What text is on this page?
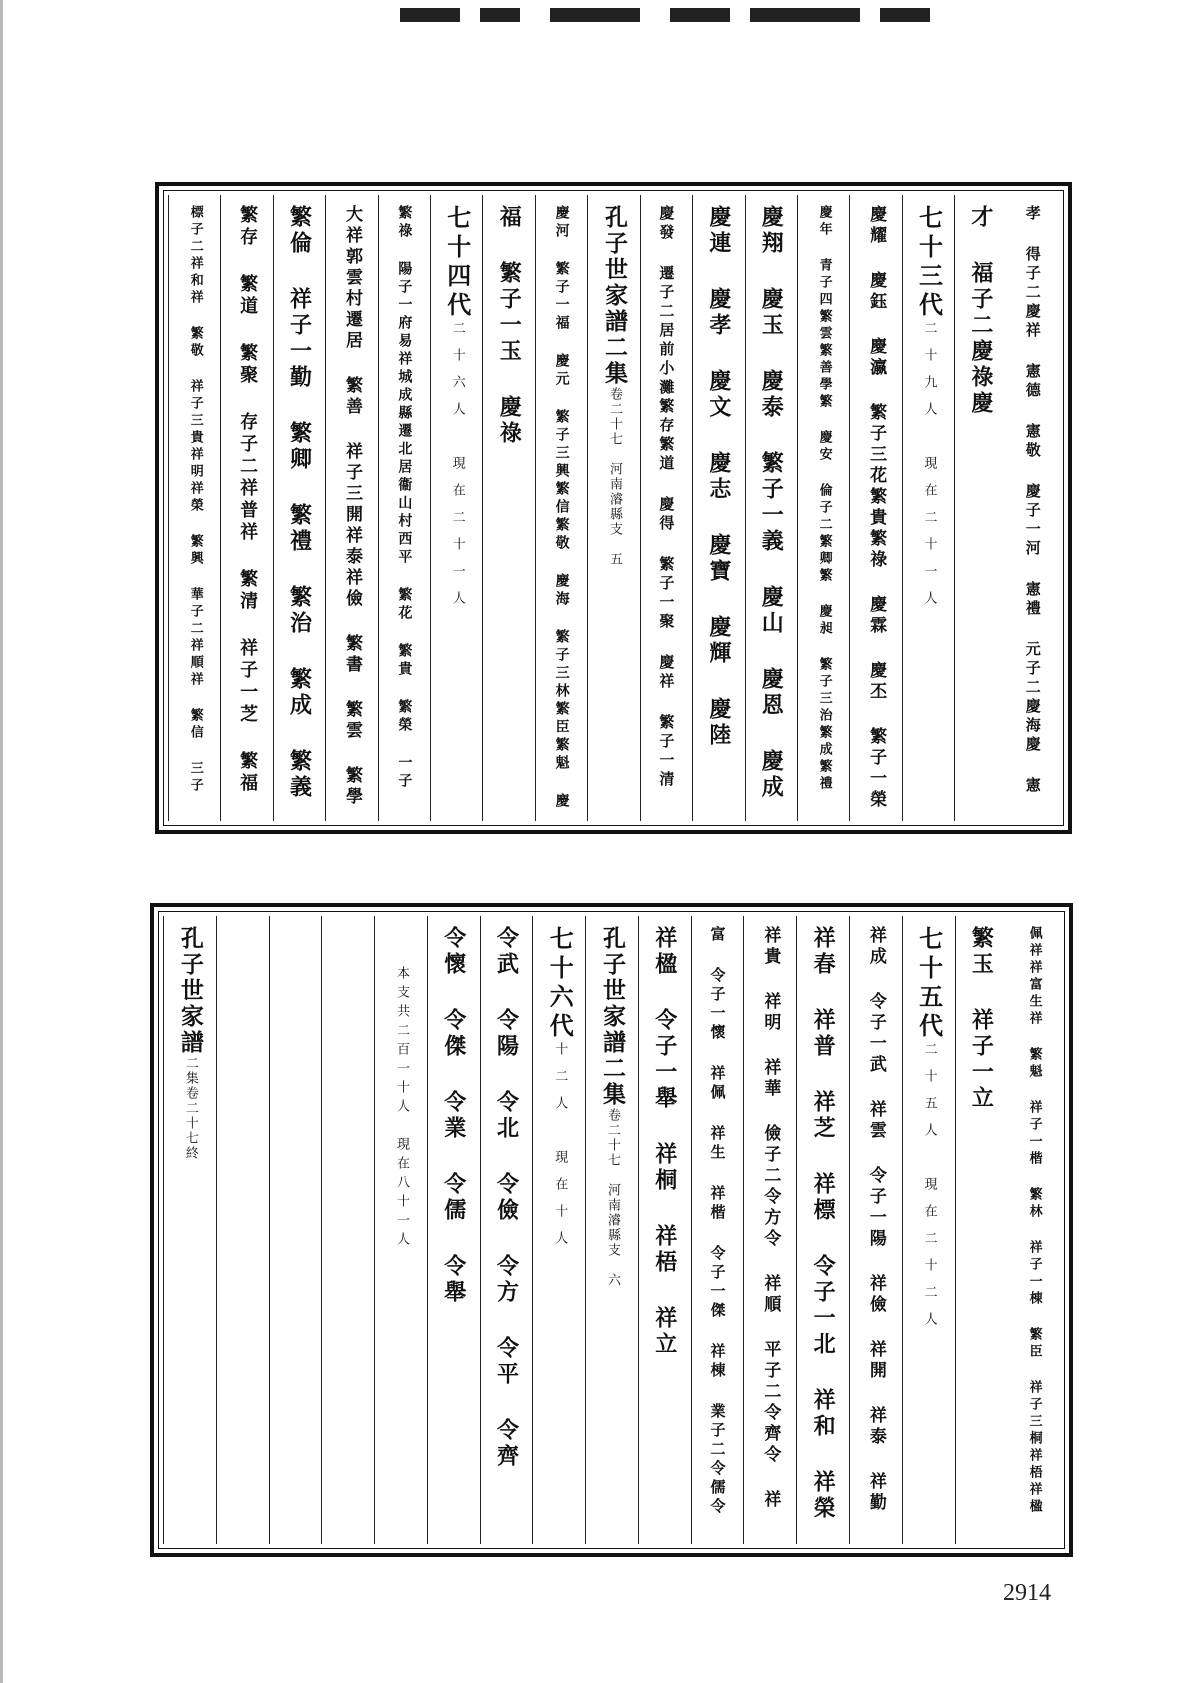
孝 得子二慶祥 憲德 憲敬 慶子一河 憲禮 元子二慶海慶 憲
才 福子二慶祿慶
七十三代二十九人　現在二十一人
慶耀 慶鈺 慶瀛 繁子三花繁貴繁祿 慶霖 慶丕 繁子一榮
慶年 青子四繁雲繁善學繁 慶安 倫子二繁卿繁 慶昶 繁子三治繁成繁禮
慶翔 慶玉 慶泰 繁子一義 慶山 慶恩 慶成
慶連 慶孝 慶文 慶志 慶寶 慶輝 慶陸
慶發 遷子二居前小灘繁存繁道 慶得 繁子一聚 慶祥 繁子一清
孔子世家譜二集卷二十七　河南濬縣支　五
慶河 繁子一福 慶元 繁子三興繁信繁敬 慶海 繁子三林繁臣繁魁 慶
福 繁子一玉 慶祿
七十四代二十六人　現在二十一人
繁祿 陽子一府易祥城成縣遷北居衞山村西平 繁花 繁貴 繁榮 一子
大祥郭雲村遷居 繁善 祥子三開祥泰祥儉 繁書 繁雲 繁學
繁倫 祥子一勤 繁卿 繁禮 繁治 繁成 繁義
繁存 繁道 繁聚 存子二祥普祥 繁清 祥子一芝 繁福
標子二祥和祥 繁敬 祥子三貴祥明祥榮 繁興 華子二祥順祥 繁信 三子
佩祥祥富生祥 繁魁 祥子一楷 繁林 祥子一棟 繁臣 祥子三桐祥梧祥楹
繁玉 祥子一立
七十五代二十五人　現在二十二人
祥成 令子一武 祥雲 令子一陽 祥儉 祥開 祥泰 祥勤
祥春 祥普 祥芝 祥標 令子一北 祥和 祥榮
祥貴 祥明 祥華 儉子二令方令 祥順 平子二令齊令 祥
富 令子一懷 祥佩 祥生 祥楷 令子一傑 祥棟 業子二令儒令
祥楹 令子一舉 祥桐 祥梧 祥立
孔子世家譜二集卷二十七　河南濬縣支　六
七十六代十二人　現在十人
令武 令陽 令北 令儉 令方 令平 令齊
令懷 令傑 令業 令儒 令舉
本支共二百一十人　現在八十一人
孔子世家譜二集卷二十七終
2914
